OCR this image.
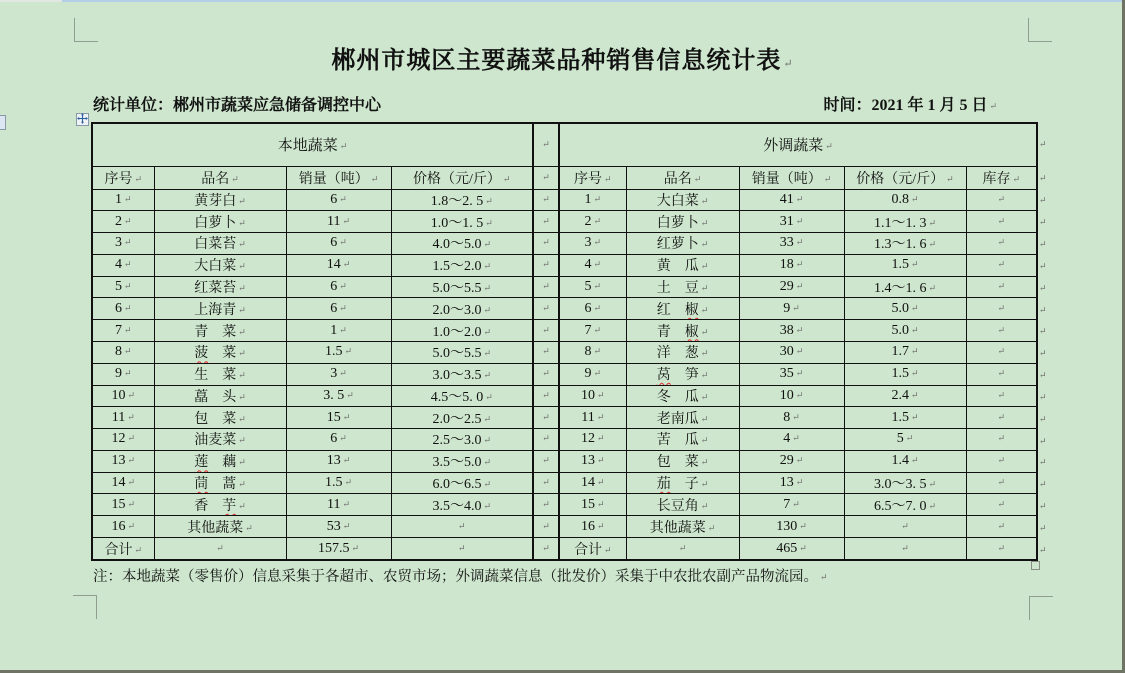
郴州市城区主要蔬菜品种销售信息统计表 ↵
统计单位：郴州市蔬菜应急储备调控中心	时间：2021 年 1 月 5 日 ↵
本地蔬菜 ↵				↵	外调蔬菜 ↵				
序号 ↵	品名 ↵	销量（吨） ↵	价格（元/斤） ↵	↵	序号 ↵	品名 ↵	销量（吨） ↵	价格（元/斤） ↵	库存 ↵
1 ↵	黄芽白 ↵	6 ↵	1.8～2. 5 ↵	↵	1 ↵	大白菜 ↵	41 ↵	0.8 ↵	↵
2 ↵	白萝卜 ↵	11 ↵	1.0～1. 5 ↵	↵	2 ↵	白萝卜 ↵	31 ↵	1.1～1. 3 ↵	↵
3 ↵	白菜苔 ↵	6 ↵	4.0～5.0 ↵	↵	3 ↵	红萝卜 ↵	33 ↵	1.3～1. 6 ↵	↵
4 ↵	大白菜 ↵	14 ↵	1.5～2.0 ↵	↵	4 ↵	黄　瓜 ↵	18 ↵	1.5 ↵	↵
5 ↵	红菜苔 ↵	6 ↵	5.0～5.5 ↵	↵	5 ↵	土　豆 ↵	29 ↵	1.4～1. 6 ↵	↵
6 ↵	上海青 ↵	6 ↵	2.0～3.0 ↵	↵	6 ↵	红　椒 ↵	9 ↵	5.0 ↵	↵
7 ↵	青　菜 ↵	1 ↵	1.0～2.0 ↵	↵	7 ↵	青　椒 ↵	38 ↵	5.0 ↵	↵
8 ↵	菠　菜 ↵	1.5 ↵	5.0～5.5 ↵	↵	8 ↵	洋　葱 ↵	30 ↵	1.7 ↵	↵
9 ↵	生　菜 ↵	3 ↵	3.0～3.5 ↵	↵	9 ↵	莴　笋 ↵	35 ↵	1.5 ↵	↵
10 ↵	藠　头 ↵	3. 5 ↵	4.5～5. 0 ↵	↵	10 ↵	冬　瓜 ↵	10 ↵	2.4 ↵	↵
11 ↵	包　菜 ↵	15 ↵	2.0～2.5 ↵	↵	11 ↵	老南瓜 ↵	8 ↵	1.5 ↵	↵
12 ↵	油麦菜 ↵	6 ↵	2.5～3.0 ↵	↵	12 ↵	苦　瓜 ↵	4 ↵	5 ↵	↵
13 ↵	莲　藕 ↵	13 ↵	3.5～5.0 ↵	↵	13 ↵	包　菜 ↵	29 ↵	1.4 ↵	↵
14 ↵	茼　蒿 ↵	1.5 ↵	6.0～6.5 ↵	↵	14 ↵	茄　子 ↵	13 ↵	3.0～3. 5 ↵	↵
15 ↵	香　芋 ↵	11 ↵	3.5～4.0 ↵	↵	15 ↵	长豆角 ↵	7 ↵	6.5～7. 0 ↵	↵
16 ↵	其他蔬菜 ↵	53 ↵	↵	↵	16 ↵	其他蔬菜 ↵	130 ↵	↵	↵
合计 ↵	↵	157.5 ↵	↵	↵	合计 ↵	↵	465 ↵	↵	↵
↵
↵
↵
↵
↵
↵
↵
↵
↵
↵
↵
↵
↵
↵
↵
↵
↵
↵
↵
注：本地蔬菜（零售价）信息采集于各超市、农贸市场；外调蔬菜信息（批发价）采集于中农批农副产品物流园。 ↵
